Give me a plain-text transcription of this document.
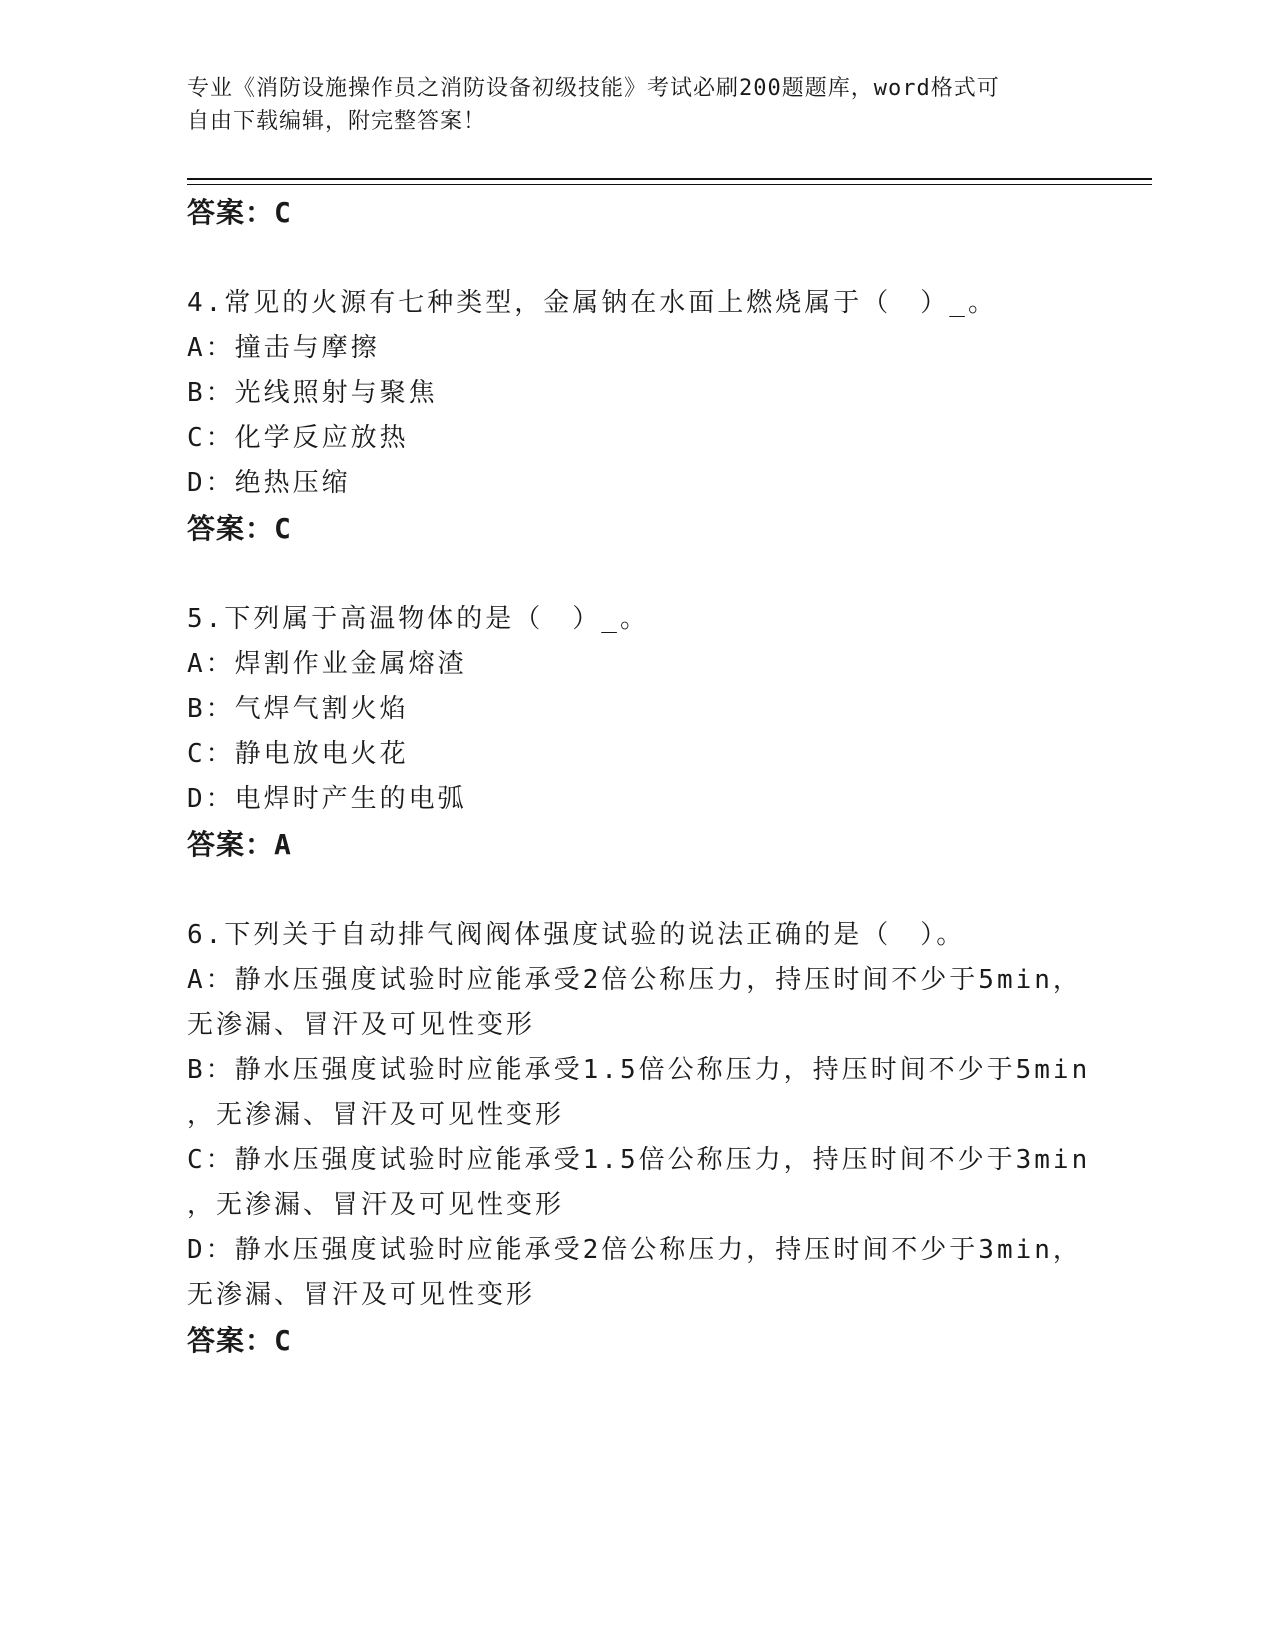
专业《消防设施操作员之消防设备初级技能》考试必刷200题题库，word格式可
自由下载编辑，附完整答案！
答案：C
4.常见的火源有七种类型，金属钠在水面上燃烧属于（　）_。
A：撞击与摩擦
B：光线照射与聚焦
C：化学反应放热
D：绝热压缩
答案：C
5.下列属于高温物体的是（　）_。
A：焊割作业金属熔渣
B：气焊气割火焰
C：静电放电火花
D：电焊时产生的电弧
答案：A
6.下列关于自动排气阀阀体强度试验的说法正确的是（　）。
A：静水压强度试验时应能承受2倍公称压力，持压时间不少于5min，
无渗漏、冒汗及可见性变形
B：静水压强度试验时应能承受1.5倍公称压力，持压时间不少于5min
，无渗漏、冒汗及可见性变形
C：静水压强度试验时应能承受1.5倍公称压力，持压时间不少于3min
，无渗漏、冒汗及可见性变形
D：静水压强度试验时应能承受2倍公称压力，持压时间不少于3min，
无渗漏、冒汗及可见性变形
答案：C
